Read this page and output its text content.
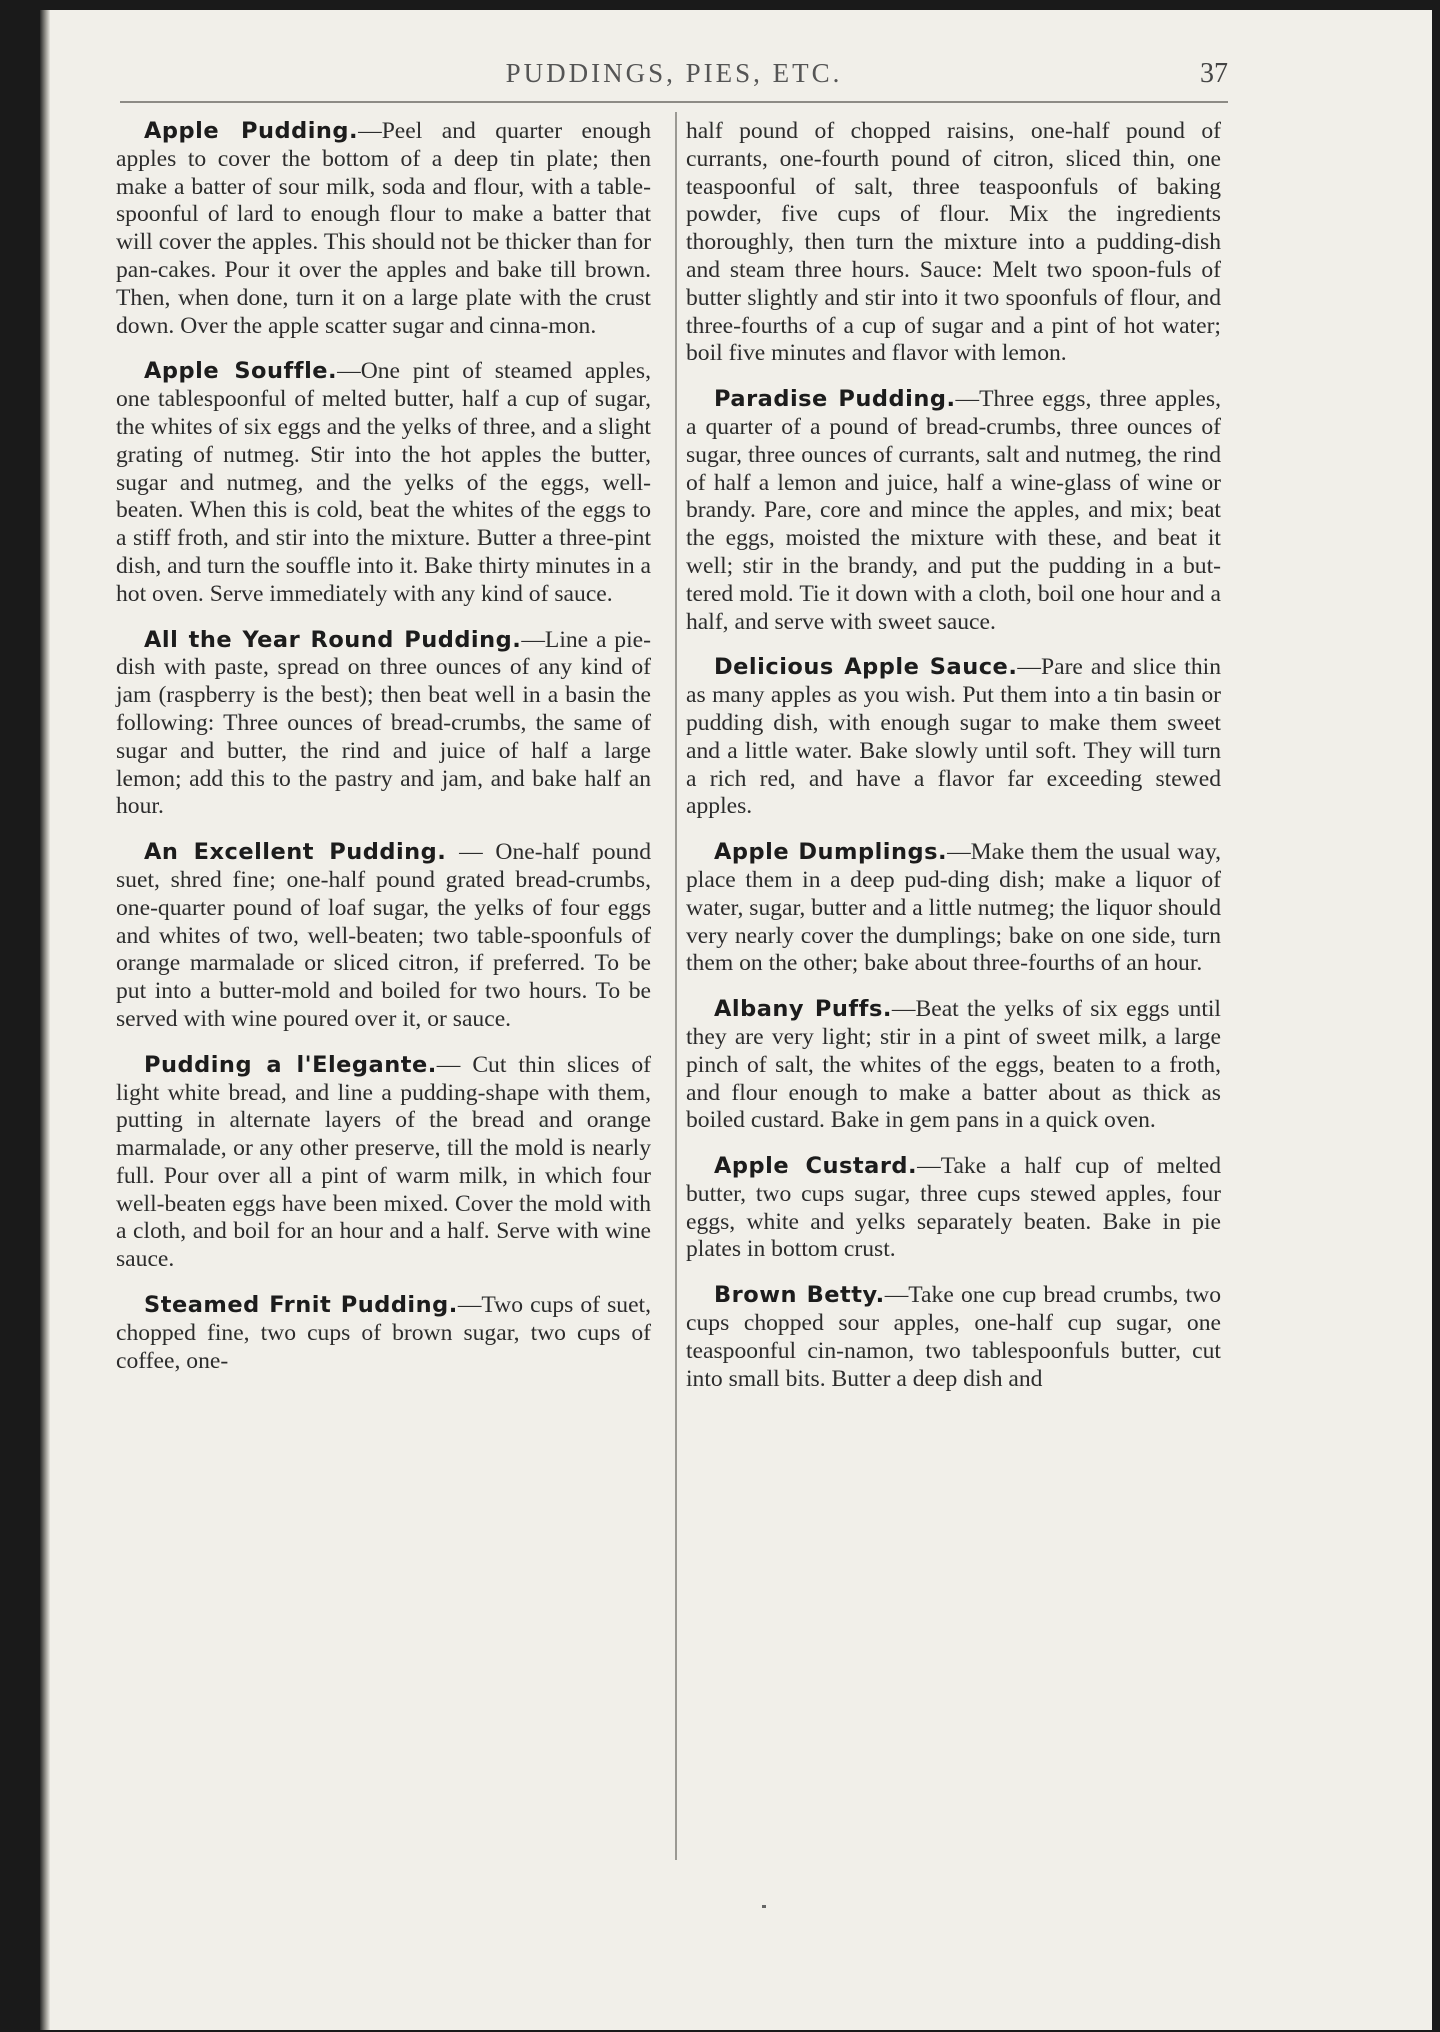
PUDDINGS, PIES, ETC.	37

Apple Pudding.—Peel and quarter enough apples to cover the bottom of a deep tin plate; then make a batter of sour milk, soda and flour, with a table-spoonful of lard to enough flour to make a batter that will cover the apples. This should not be thicker than for pan-cakes. Pour it over the apples and bake till brown. Then, when done, turn it on a large plate with the crust down. Over the apple scatter sugar and cinna-mon.

Apple Souffle.—One pint of steamed apples, one tablespoonful of melted butter, half a cup of sugar, the whites of six eggs and the yelks of three, and a slight grating of nutmeg. Stir into the hot apples the butter, sugar and nutmeg, and the yelks of the eggs, well-beaten. When this is cold, beat the whites of the eggs to a stiff froth, and stir into the mixture. Butter a three-pint dish, and turn the souffle into it. Bake thirty minutes in a hot oven. Serve immediately with any kind of sauce.

All the Year Round Pudding.—Line a pie-dish with paste, spread on three ounces of any kind of jam (raspberry is the best); then beat well in a basin the following: Three ounces of bread-crumbs, the same of sugar and butter, the rind and juice of half a large lemon; add this to the pastry and jam, and bake half an hour.

An Excellent Pudding. — One-half pound suet, shred fine; one-half pound grated bread-crumbs, one-quarter pound of loaf sugar, the yelks of four eggs and whites of two, well-beaten; two table-spoonfuls of orange marmalade or sliced citron, if preferred. To be put into a butter-mold and boiled for two hours. To be served with wine poured over it, or sauce.

Pudding a l'Elegante.— Cut thin slices of light white bread, and line a pudding-shape with them, putting in alternate layers of the bread and orange marmalade, or any other preserve, till the mold is nearly full. Pour over all a pint of warm milk, in which four well-beaten eggs have been mixed. Cover the mold with a cloth, and boil for an hour and a half. Serve with wine sauce.

Steamed Frnit Pudding.—Two cups of suet, chopped fine, two cups of brown sugar, two cups of coffee, one-

half pound of chopped raisins, one-half pound of currants, one-fourth pound of citron, sliced thin, one teaspoonful of salt, three teaspoonfuls of baking powder, five cups of flour. Mix the ingredients thoroughly, then turn the mixture into a pudding-dish and steam three hours. Sauce: Melt two spoon-fuls of butter slightly and stir into it two spoonfuls of flour, and three-fourths of a cup of sugar and a pint of hot water; boil five minutes and flavor with lemon.

Paradise Pudding.—Three eggs, three apples, a quarter of a pound of bread-crumbs, three ounces of sugar, three ounces of currants, salt and nutmeg, the rind of half a lemon and juice, half a wine-glass of wine or brandy. Pare, core and mince the apples, and mix; beat the eggs, moisted the mixture with these, and beat it well; stir in the brandy, and put the pudding in a but-tered mold. Tie it down with a cloth, boil one hour and a half, and serve with sweet sauce.

Delicious Apple Sauce.—Pare and slice thin as many apples as you wish. Put them into a tin basin or pudding dish, with enough sugar to make them sweet and a little water. Bake slowly until soft. They will turn a rich red, and have a flavor far exceeding stewed apples.

Apple Dumplings.—Make them the usual way, place them in a deep pud-ding dish; make a liquor of water, sugar, butter and a little nutmeg; the liquor should very nearly cover the dumplings; bake on one side, turn them on the other; bake about three-fourths of an hour.

Albany Puffs.—Beat the yelks of six eggs until they are very light; stir in a pint of sweet milk, a large pinch of salt, the whites of the eggs, beaten to a froth, and flour enough to make a batter about as thick as boiled custard. Bake in gem pans in a quick oven.

Apple Custard.—Take a half cup of melted butter, two cups sugar, three cups stewed apples, four eggs, white and yelks separately beaten. Bake in pie plates in bottom crust.

Brown Betty.—Take one cup bread crumbs, two cups chopped sour apples, one-half cup sugar, one teaspoonful cin-namon, two tablespoonfuls butter, cut into small bits. Butter a deep dish and
